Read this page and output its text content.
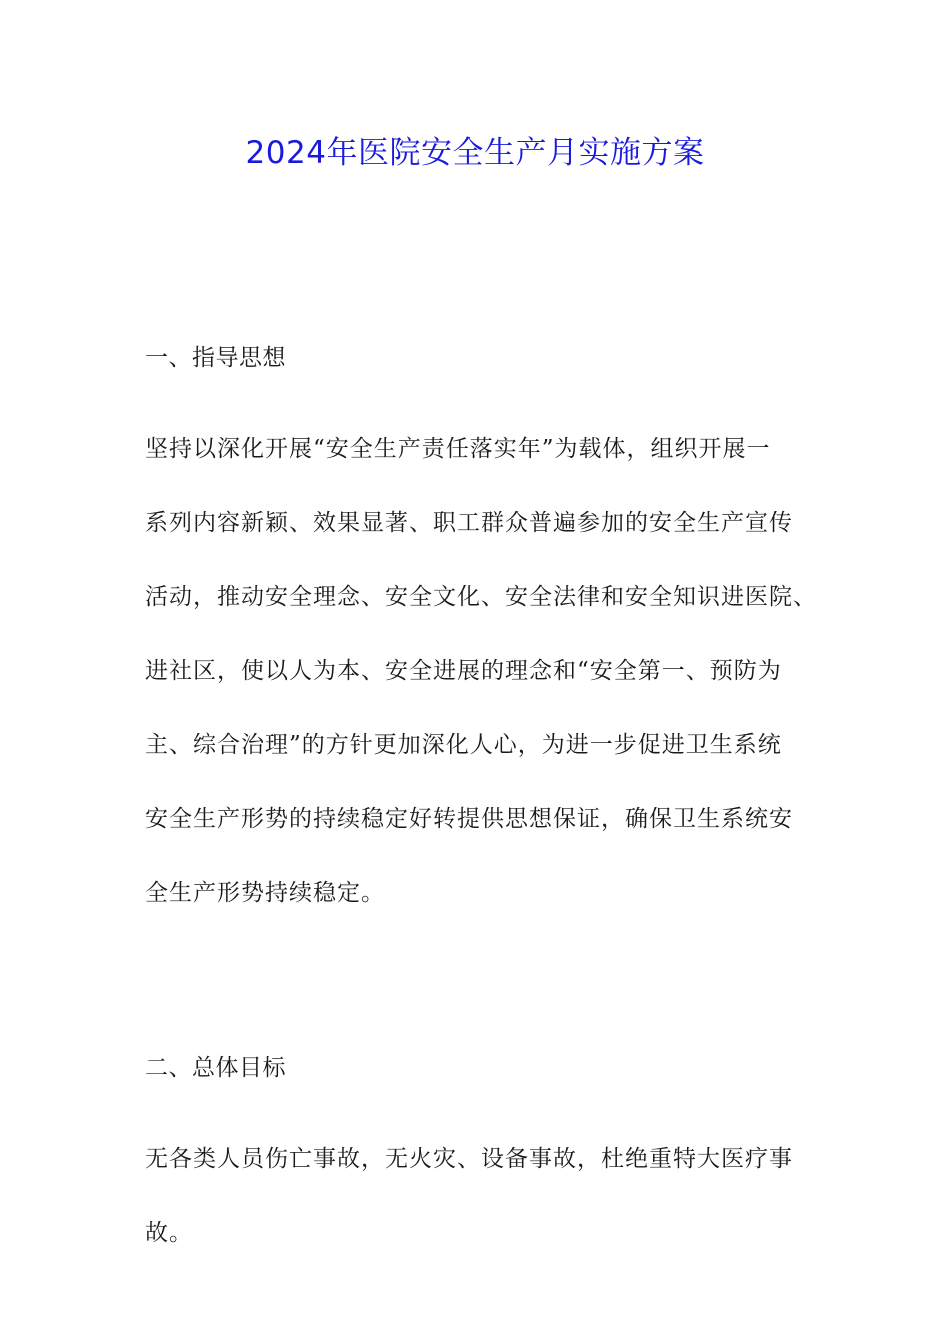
2024年医院安全生产月实施方案
一、指导思想

坚持以深化开展“安全生产责任落实年”为载体，组织开展一

系列内容新颖、效果显著、职工群众普遍参加的安全生产宣传

活动，推动安全理念、安全文化、安全法律和安全知识进医院、

进社区，使以人为本、安全进展的理念和“安全第一、预防为

主、综合治理”的方针更加深化人心，为进一步促进卫生系统

安全生产形势的持续稳定好转提供思想保证，确保卫生系统安

全生产形势持续稳定。

二、总体目标

无各类人员伤亡事故，无火灾、设备事故，杜绝重特大医疗事

故。
